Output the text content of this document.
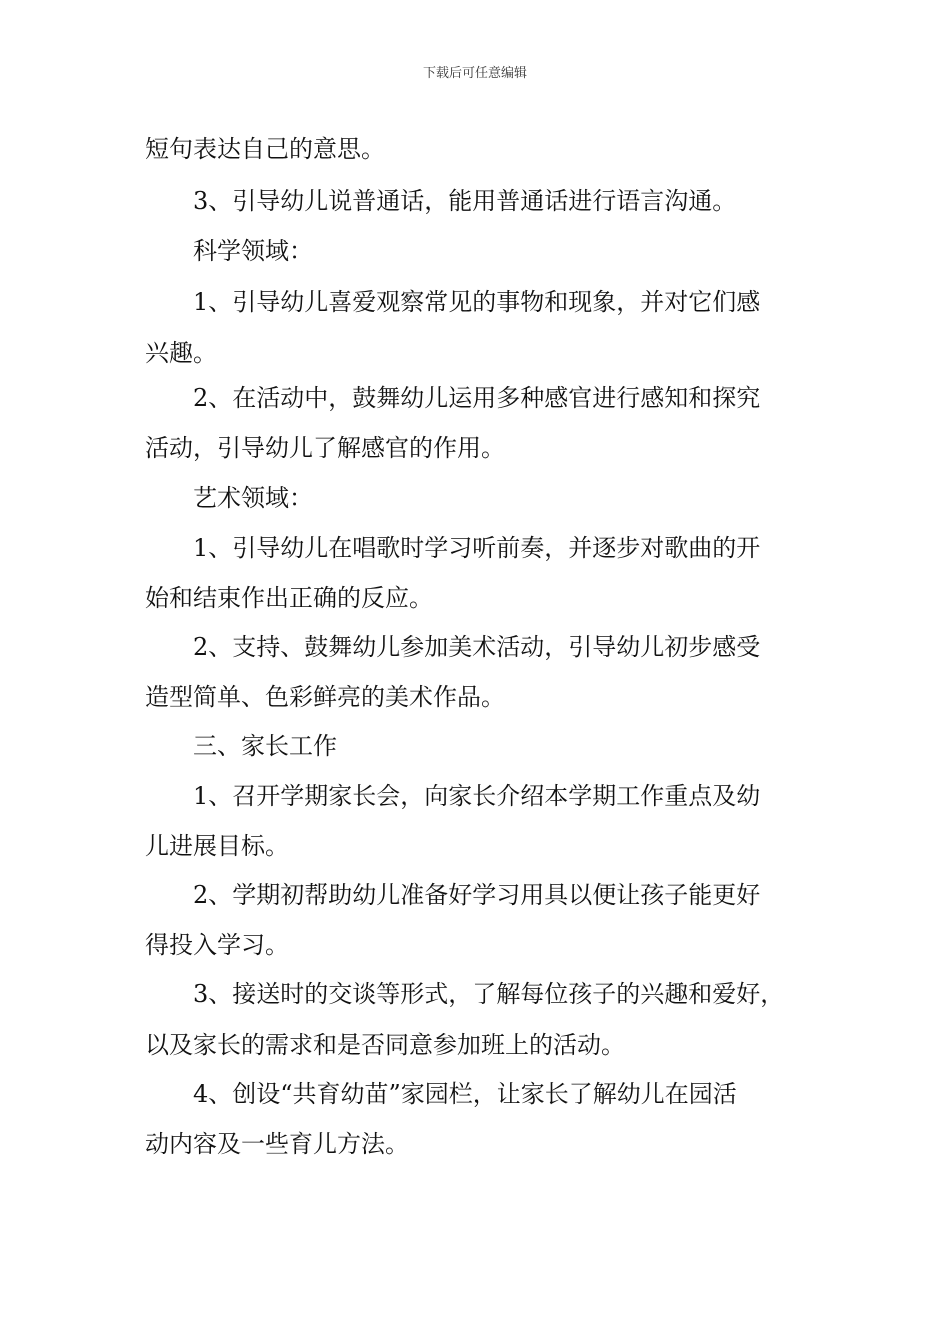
下载后可任意编辑
短句表达自己的意思。
3、引导幼儿说普通话，能用普通话进行语言沟通。
科学领域：
1、引导幼儿喜爱观察常见的事物和现象，并对它们感
兴趣。
2、在活动中，鼓舞幼儿运用多种感官进行感知和探究
活动，引导幼儿了解感官的作用。
艺术领域：
1、引导幼儿在唱歌时学习听前奏，并逐步对歌曲的开
始和结束作出正确的反应。
2、支持、鼓舞幼儿参加美术活动，引导幼儿初步感受
造型简单、色彩鲜亮的美术作品。
三、家长工作
1、召开学期家长会，向家长介绍本学期工作重点及幼
儿进展目标。
2、学期初帮助幼儿准备好学习用具以便让孩子能更好
得投入学习。
3、接送时的交谈等形式，了解每位孩子的兴趣和爱好，
以及家长的需求和是否同意参加班上的活动。
4、创设“共育幼苗”家园栏，让家长了解幼儿在园活
动内容及一些育儿方法。
